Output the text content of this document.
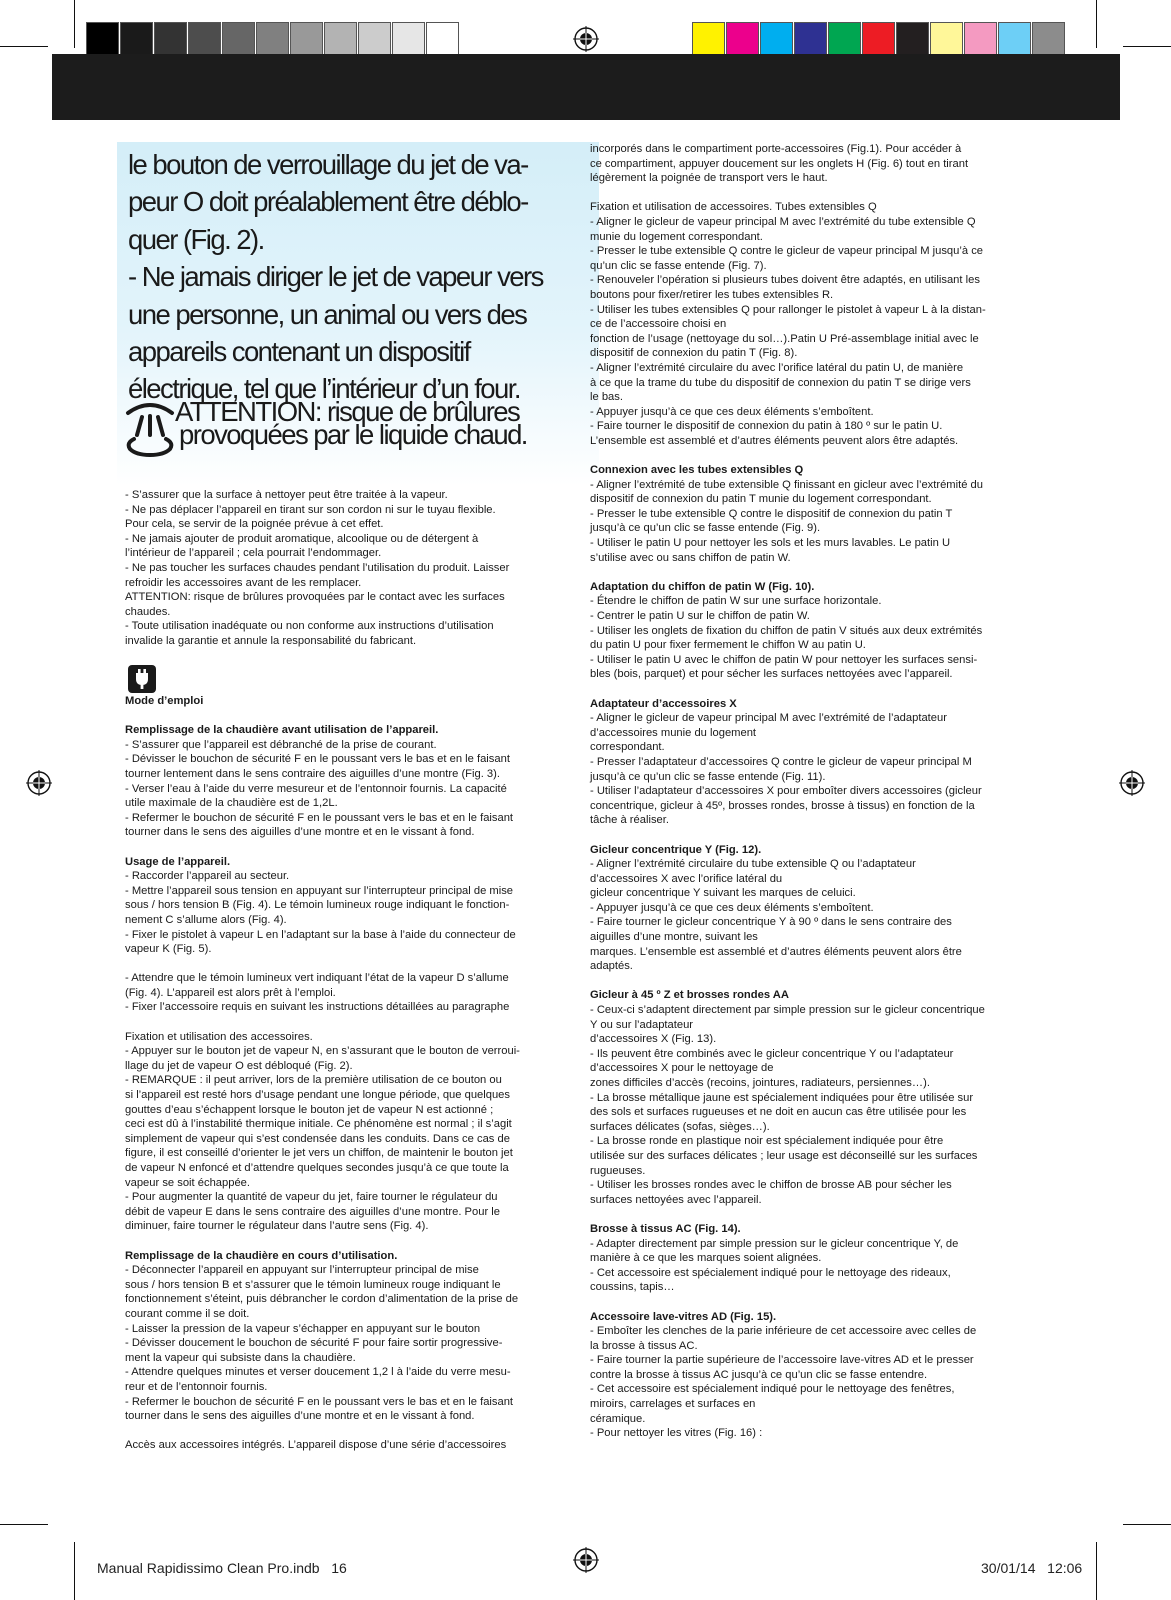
le bouton de verrouillage du jet de va-

peur O doit préalablement être déblo-

quer (Fig. 2).

- Ne jamais diriger le jet de vapeur vers

une personne, un animal ou vers des

appareils contenant un dispositif

électrique, tel que l’intérieur d’un four.

ATTENTION: risque de brûlures
provoquées par le liquide chaud.

- S’assurer que la surface à nettoyer peut être traitée à la vapeur.

- Ne pas déplacer l’appareil en tirant sur son cordon ni sur le tuyau flexible.

Pour cela, se servir de la poignée prévue à cet effet.

- Ne jamais ajouter de produit aromatique, alcoolique ou de détergent à

l’intérieur de l’appareil ; cela pourrait l’endommager.

- Ne pas toucher les surfaces chaudes pendant l’utilisation du produit. Laisser

refroidir les accessoires avant de les remplacer.

ATTENTION: risque de brûlures provoquées par le contact avec les surfaces

chaudes.

- Toute utilisation inadéquate ou non conforme aux instructions d’utilisation

invalide la garantie et annule la responsabilité du fabricant.

Mode d’emploi

Remplissage de la chaudière avant utilisation de l’appareil.

- S’assurer que l’appareil est débranché de la prise de courant.

- Dévisser le bouchon de sécurité F en le poussant vers le bas et en le faisant

tourner lentement dans le sens contraire des aiguilles d’une montre (Fig. 3).

- Verser l’eau à l’aide du verre mesureur et de l’entonnoir fournis. La capacité

utile maximale de la chaudière est de 1,2L.

- Refermer le bouchon de sécurité F en le poussant vers le bas et en le faisant

tourner dans le sens des aiguilles d’une montre et en le vissant à fond.

Usage de l’appareil.

- Raccorder l’appareil au secteur.

- Mettre l’appareil sous tension en appuyant sur l’interrupteur principal de mise

sous / hors tension B (Fig. 4). Le témoin lumineux rouge indiquant le fonction-

nement C s’allume alors (Fig. 4).

- Fixer le pistolet à vapeur L en l’adaptant sur la base à l’aide du connecteur de

vapeur K (Fig. 5).

- Attendre que le témoin lumineux vert indiquant l’état de la vapeur D s’allume

(Fig. 4). L’appareil est alors prêt à l’emploi.

- Fixer l’accessoire requis en suivant les instructions détaillées au paragraphe

Fixation et utilisation des accessoires.

- Appuyer sur le bouton jet de vapeur N, en s’assurant que le bouton de verroui-

llage du jet de vapeur O est débloqué (Fig. 2).

- REMARQUE : il peut arriver, lors de la première utilisation de ce bouton ou

si l’appareil est resté hors d’usage pendant une longue période, que quelques

gouttes d’eau s’échappent lorsque le bouton jet de vapeur N est actionné ;

ceci est dû à l’instabilité thermique initiale. Ce phénomène est normal ; il s’agit

simplement de vapeur qui s’est condensée dans les conduits. Dans ce cas de

figure, il est conseillé d’orienter le jet vers un chiffon, de maintenir le bouton jet

de vapeur N enfoncé et d’attendre quelques secondes jusqu’à ce que toute la

vapeur se soit échappée.

- Pour augmenter la quantité de vapeur du jet, faire tourner le régulateur du

débit de vapeur E dans le sens contraire des aiguilles d’une montre. Pour le

diminuer, faire tourner le régulateur dans l’autre sens (Fig. 4).

Remplissage de la chaudière en cours d’utilisation.

- Déconnecter l’appareil en appuyant sur l’interrupteur principal de mise

sous / hors tension B et s’assurer que le témoin lumineux rouge indiquant le

fonctionnement s’éteint, puis débrancher le cordon d’alimentation de la prise de

courant comme il se doit.

- Laisser la pression de la vapeur s’échapper en appuyant sur le bouton

- Dévisser doucement le bouchon de sécurité F pour faire sortir progressive-

ment la vapeur qui subsiste dans la chaudière.

- Attendre quelques minutes et verser doucement 1,2 l à l’aide du verre mesu-

reur et de l’entonnoir fournis.

- Refermer le bouchon de sécurité F en le poussant vers le bas et en le faisant

tourner dans le sens des aiguilles d’une montre et en le vissant à fond.

Accès aux accessoires intégrés. L’appareil dispose d’une série d’accessoires

incorporés dans le compartiment porte-accessoires (Fig.1). Pour accéder à

ce compartiment, appuyer doucement sur les onglets H (Fig. 6) tout en tirant

légèrement la poignée de transport vers le haut.

Fixation et utilisation de accessoires. Tubes extensibles Q

- Aligner le gicleur de vapeur principal M avec l’extrémité du tube extensible Q

munie du logement correspondant.

- Presser le tube extensible Q contre le gicleur de vapeur principal M jusqu’à ce

qu’un clic se fasse entende (Fig. 7).

- Renouveler l’opération si plusieurs tubes doivent être adaptés, en utilisant les

boutons pour fixer/retirer les tubes extensibles R.

- Utiliser les tubes extensibles Q pour rallonger le pistolet à vapeur L à la distan-

ce de l’accessoire choisi en

fonction de l’usage (nettoyage du sol…).Patin U Pré-assemblage initial avec le

dispositif de connexion du patin T (Fig. 8).

- Aligner l’extrémité circulaire du avec l’orifice latéral du patin U, de manière

à ce que la trame du tube du dispositif de connexion du patin T se dirige vers

le bas.

- Appuyer jusqu’à ce que ces deux éléments s’emboîtent.

- Faire tourner le dispositif de connexion du patin à 180 º sur le patin U.

L’ensemble est assemblé et d’autres éléments peuvent alors être adaptés.

Connexion avec les tubes extensibles Q

- Aligner l’extrémité de tube extensible Q finissant en gicleur avec l’extrémité du

dispositif de connexion du patin T munie du logement correspondant.

- Presser le tube extensible Q contre le dispositif de connexion du patin T

jusqu’à ce qu’un clic se fasse entende (Fig. 9).

- Utiliser le patin U pour nettoyer les sols et les murs lavables. Le patin U

s’utilise avec ou sans chiffon de patin W.

Adaptation du chiffon de patin W (Fig. 10).

- Étendre le chiffon de patin W sur une surface horizontale.

- Centrer le patin U sur le chiffon de patin W.

- Utiliser les onglets de fixation du chiffon de patin V situés aux deux extrémités

du patin U pour fixer fermement le chiffon W au patin U.

- Utiliser le patin U avec le chiffon de patin W pour nettoyer les surfaces sensi-

bles (bois, parquet) et pour sécher les surfaces nettoyées avec l’appareil.

Adaptateur d’accessoires X

- Aligner le gicleur de vapeur principal M avec l’extrémité de l’adaptateur

d’accessoires munie du logement

correspondant.

- Presser l’adaptateur d’accessoires Q contre le gicleur de vapeur principal M

jusqu’à ce qu’un clic se fasse entende (Fig. 11).

- Utiliser l’adaptateur d’accessoires X pour emboîter divers accessoires (gicleur

concentrique, gicleur à 45º, brosses rondes, brosse à tissus) en fonction de la

tâche à réaliser.

Gicleur concentrique Y (Fig. 12).

- Aligner l’extrémité circulaire du tube extensible Q ou l’adaptateur

d’accessoires X avec l’orifice latéral du

gicleur concentrique Y suivant les marques de celuici.

- Appuyer jusqu’à ce que ces deux éléments s’emboîtent.

- Faire tourner le gicleur concentrique Y à 90 º dans le sens contraire des

aiguilles d’une montre, suivant les

marques. L’ensemble est assemblé et d’autres éléments peuvent alors être

adaptés.

Gicleur à 45 º Z et brosses rondes AA

- Ceux-ci s’adaptent directement par simple pression sur le gicleur concentrique

Y ou sur l’adaptateur

d’accessoires X (Fig. 13).

- Ils peuvent être combinés avec le gicleur concentrique Y ou l’adaptateur

d’accessoires X pour le nettoyage de

zones difficiles d’accès (recoins, jointures, radiateurs, persiennes…).

- La brosse métallique jaune est spécialement indiquées pour être utilisée sur

des sols et surfaces rugueuses et ne doit en aucun cas être utilisée pour les

surfaces délicates (sofas, sièges…).

- La brosse ronde en plastique noir est spécialement indiquée pour être

utilisée sur des surfaces délicates ; leur usage est déconseillé sur les surfaces

rugueuses.

- Utiliser les brosses rondes avec le chiffon de brosse AB pour sécher les

surfaces nettoyées avec l’appareil.

Brosse à tissus AC (Fig. 14).

- Adapter directement par simple pression sur le gicleur concentrique Y, de

manière à ce que les marques soient alignées.

- Cet accessoire est spécialement indiqué pour le nettoyage des rideaux,

coussins, tapis…

Accessoire lave-vitres AD (Fig. 15).

- Emboîter les clenches de la parie inférieure de cet accessoire avec celles de

la brosse à tissus AC.

- Faire tourner la partie supérieure de l’accessoire lave-vitres AD et le presser

contre la brosse à tissus AC jusqu’à ce qu’un clic se fasse entendre.

- Cet accessoire est spécialement indiqué pour le nettoyage des fenêtres,

miroirs, carrelages et surfaces en

céramique.

- Pour nettoyer les vitres (Fig. 16) :

Manual Rapidissimo Clean Pro.indb   16	30/01/14   12:06
